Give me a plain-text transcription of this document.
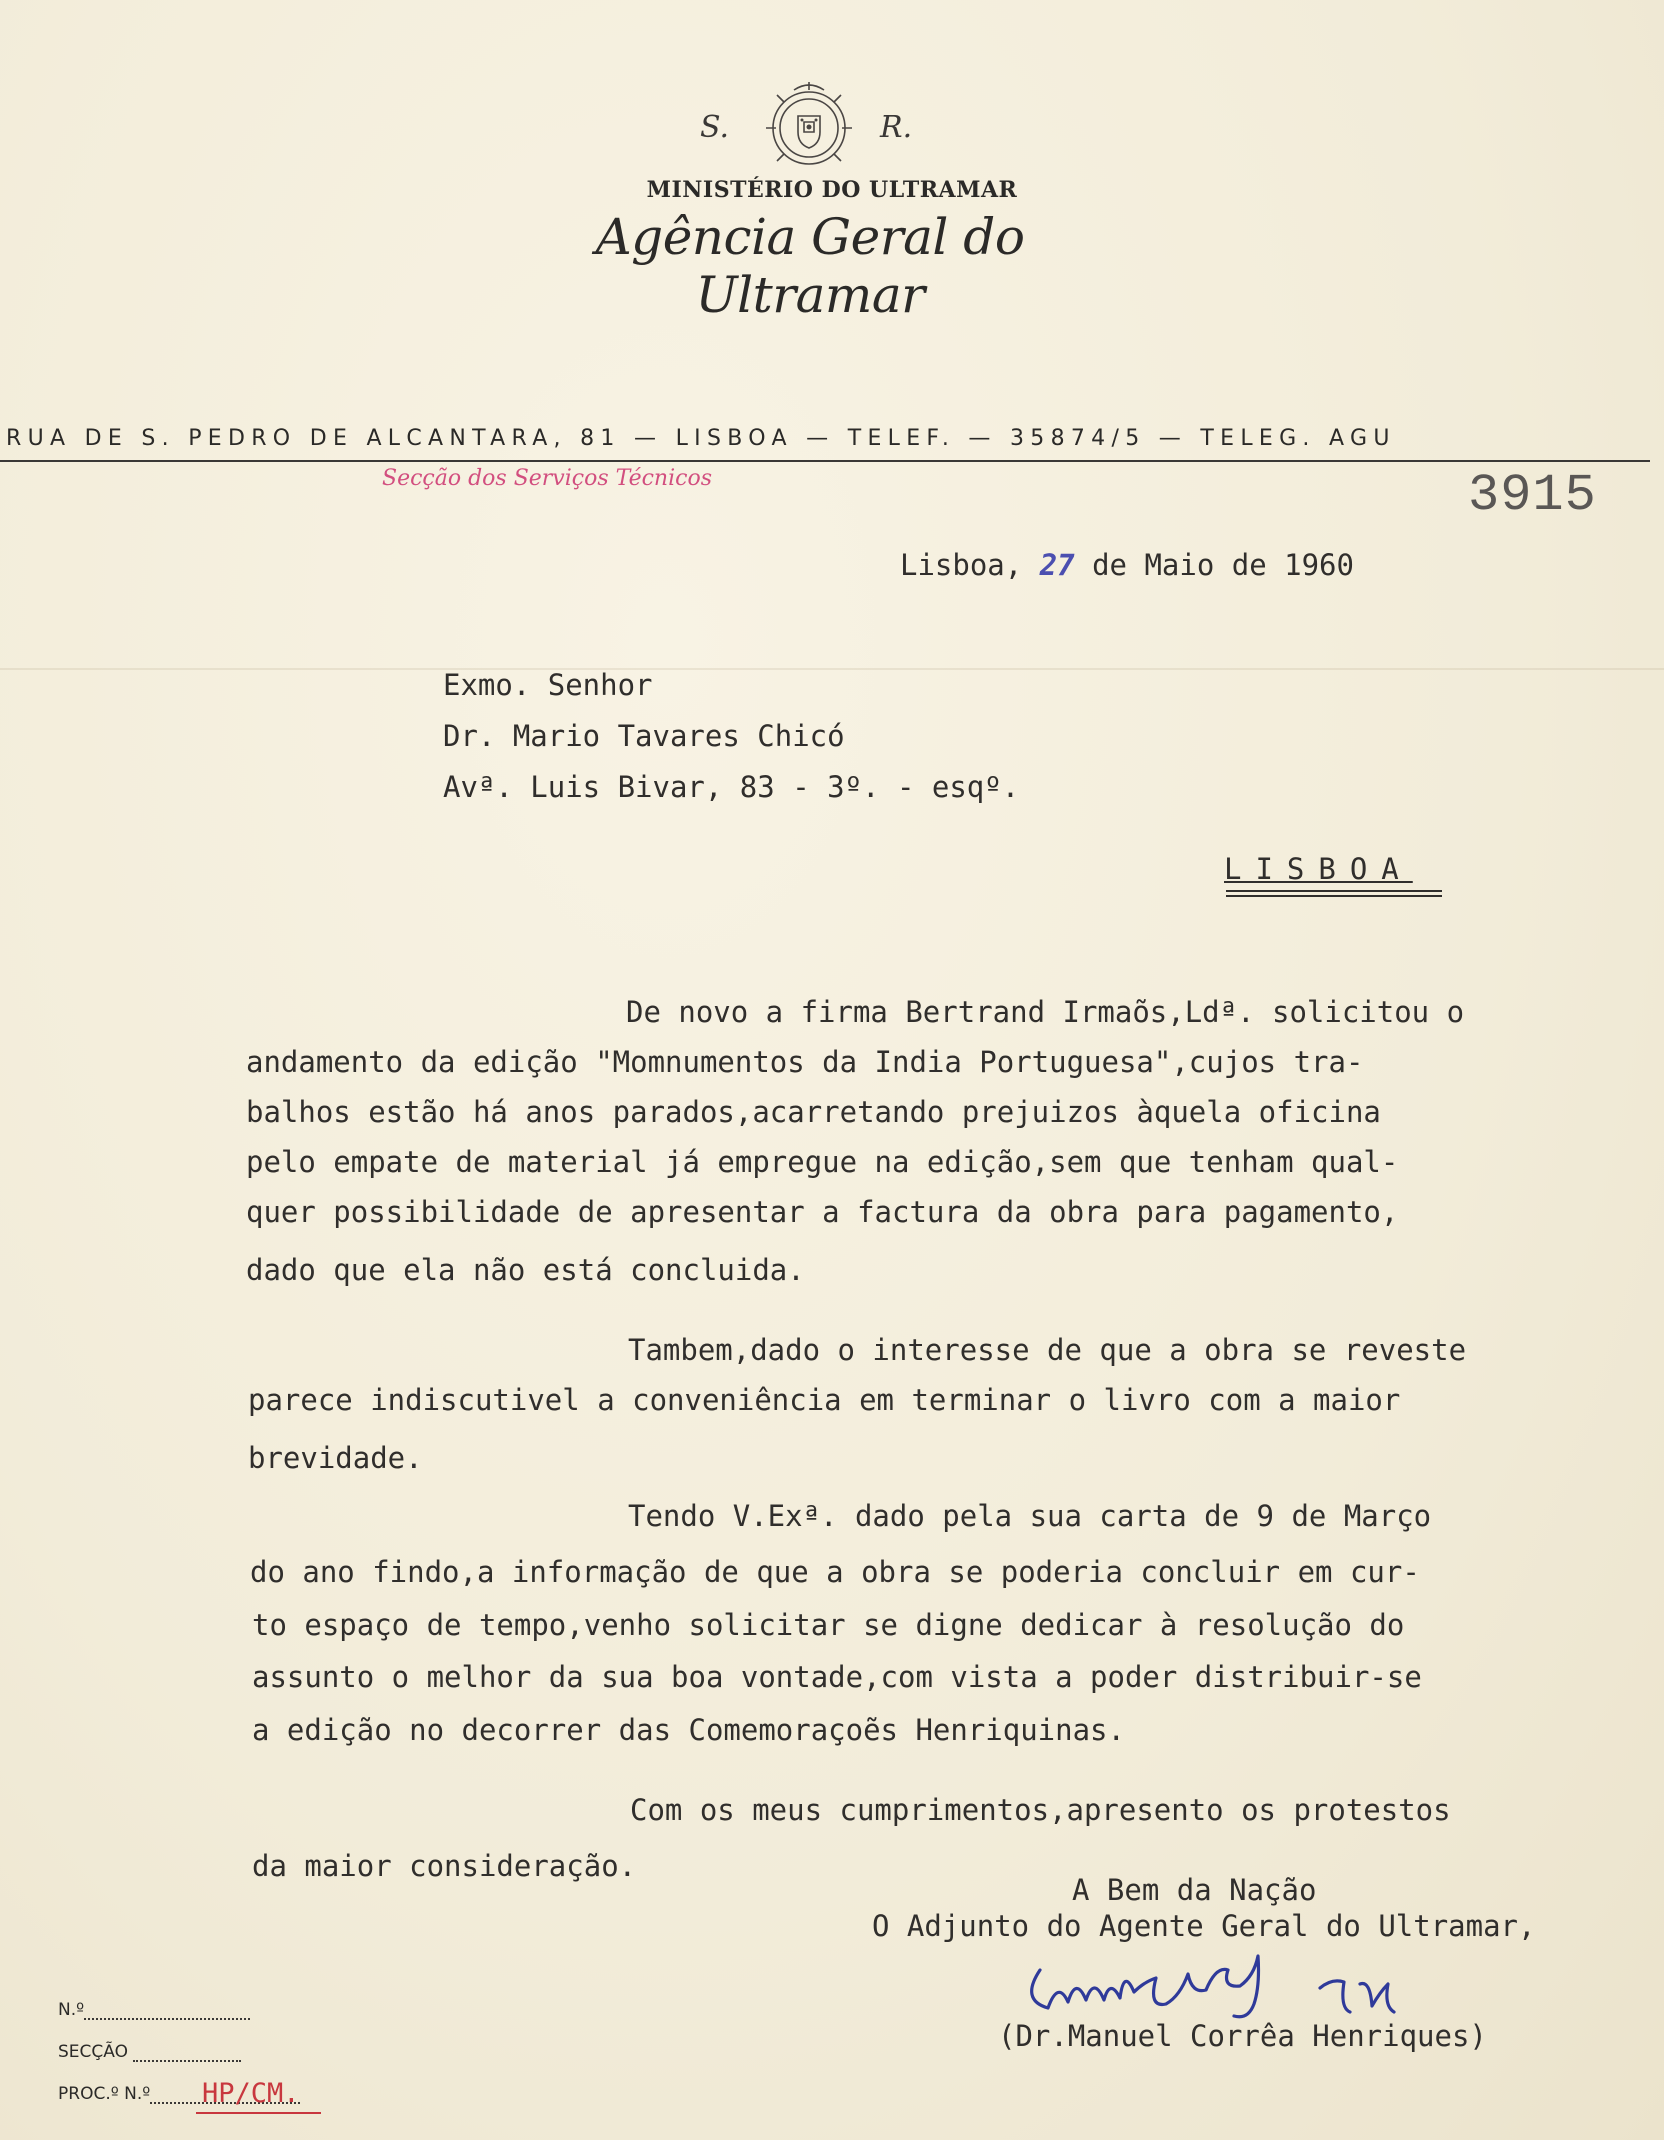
S.	R.
MINISTÉRIO DO ULTRAMAR
Agência Geral do Ultramar
RUA DE S. PEDRO DE ALCANTARA, 81 — LISBOA — TELEF. — 35874/5 — TELEG. AGU
Secção dos Serviços Técnicos	3915
Lisboa, 27 de Maio de 1960
Exmo. Senhor
Dr. Mario Tavares Chicó
Avª. Luis Bivar, 83 - 3º. - esqº.
LISBOA
De novo a firma Bertrand Irmaõs,Ldª. solicitou o
andamento da edição "Momnumentos da India Portuguesa",cujos tra-
balhos estão há anos parados,acarretando prejuizos àquela oficina
pelo empate de material já empregue na edição,sem que tenham qual-
quer possibilidade de apresentar a factura da obra para pagamento,
dado que ela não está concluida.
Tambem,dado o interesse de que a obra se reveste
parece indiscutivel a conveniência em terminar o livro com a maior
brevidade.
Tendo V.Exª. dado pela sua carta de 9 de Março
do ano findo,a informação de que a obra se poderia concluir em cur-
to espaço de tempo,venho solicitar se digne dedicar à resolução do
assunto o melhor da sua boa vontade,com vista a poder distribuir-se
a edição no decorrer das Comemoraçoẽs Henriquinas.
Com os meus cumprimentos,apresento os protestos
da maior consideração.
A Bem da Nação
O Adjunto do Agente Geral do Ultramar,
(Dr.Manuel Corrêa Henriques)
N.º
SECÇÃO
PROC.º N.º	HP/CM.
